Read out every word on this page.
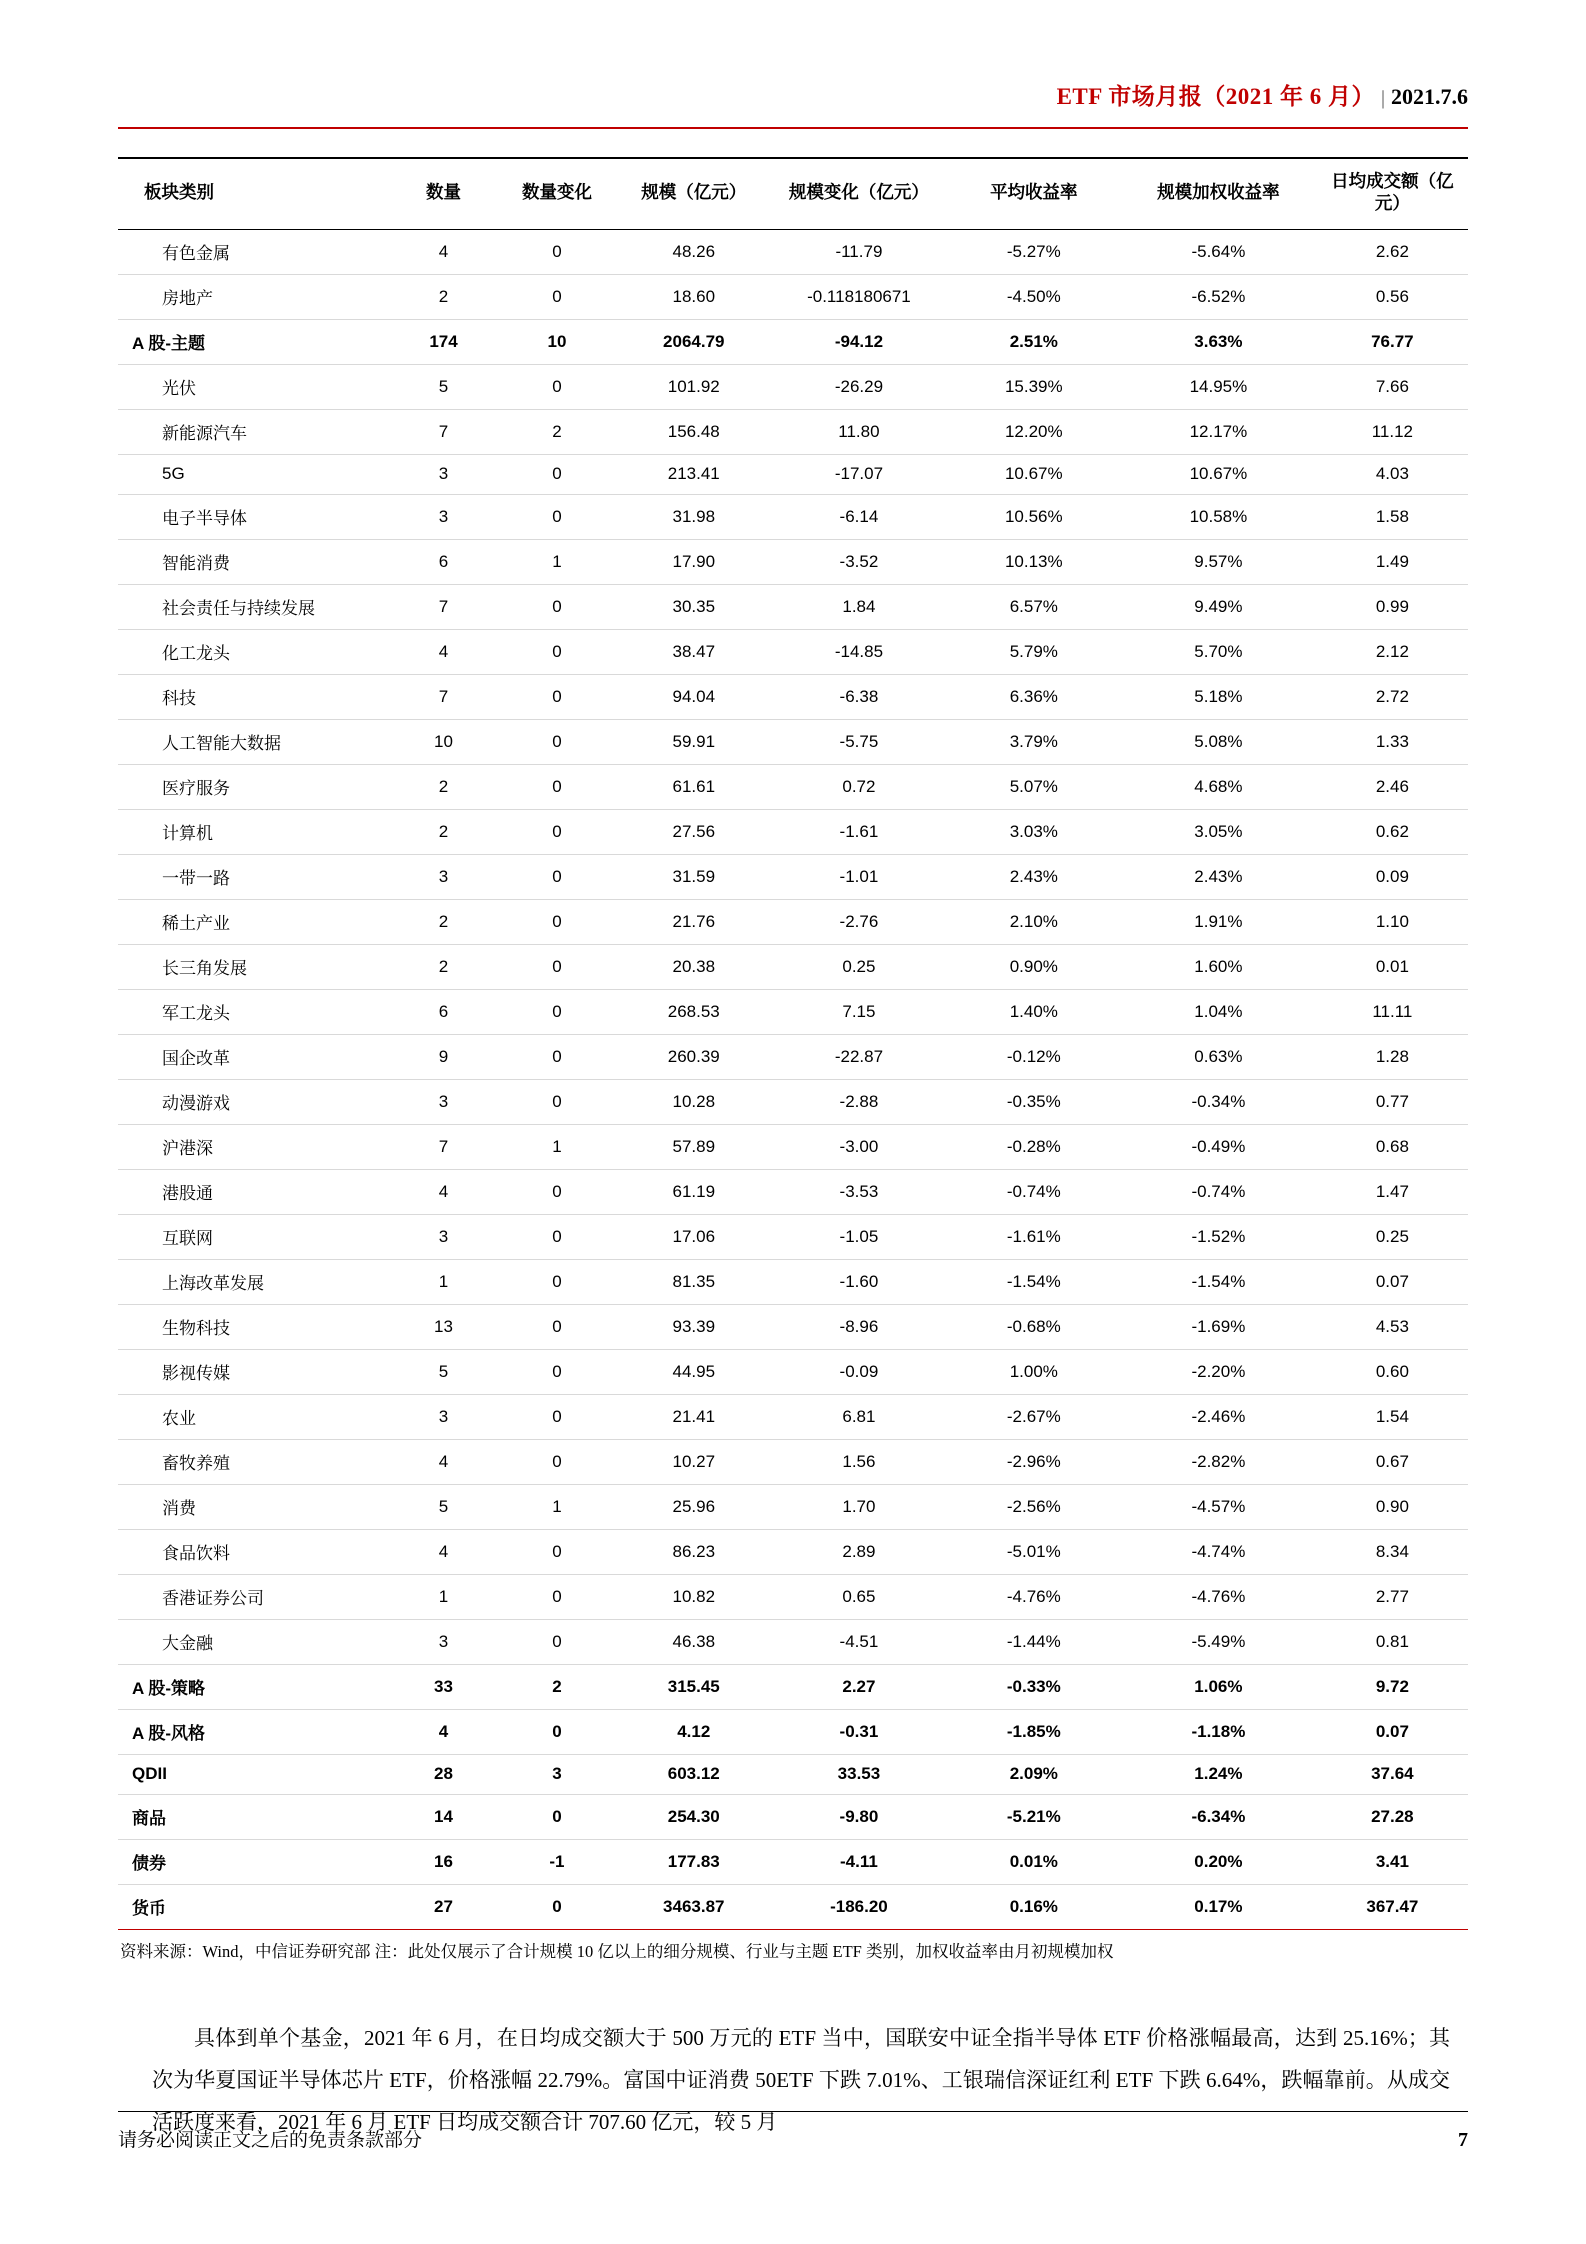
ETF 市场月报（2021 年 6 月） | 2021.7.6
板块类别	数量	数量变化	规模（亿元）	规模变化（亿元）	平均收益率	规模加权收益率	日均成交额（亿元）
有色金属	4	0	48.26	-11.79	-5.27%	-5.64%	2.62
房地产	2	0	18.60	-0.118180671	-4.50%	-6.52%	0.56
A 股-主题	174	10	2064.79	-94.12	2.51%	3.63%	76.77
光伏	5	0	101.92	-26.29	15.39%	14.95%	7.66
新能源汽车	7	2	156.48	11.80	12.20%	12.17%	11.12
5G	3	0	213.41	-17.07	10.67%	10.67%	4.03
电子半导体	3	0	31.98	-6.14	10.56%	10.58%	1.58
智能消费	6	1	17.90	-3.52	10.13%	9.57%	1.49
社会责任与持续发展	7	0	30.35	1.84	6.57%	9.49%	0.99
化工龙头	4	0	38.47	-14.85	5.79%	5.70%	2.12
科技	7	0	94.04	-6.38	6.36%	5.18%	2.72
人工智能大数据	10	0	59.91	-5.75	3.79%	5.08%	1.33
医疗服务	2	0	61.61	0.72	5.07%	4.68%	2.46
计算机	2	0	27.56	-1.61	3.03%	3.05%	0.62
一带一路	3	0	31.59	-1.01	2.43%	2.43%	0.09
稀土产业	2	0	21.76	-2.76	2.10%	1.91%	1.10
长三角发展	2	0	20.38	0.25	0.90%	1.60%	0.01
军工龙头	6	0	268.53	7.15	1.40%	1.04%	11.11
国企改革	9	0	260.39	-22.87	-0.12%	0.63%	1.28
动漫游戏	3	0	10.28	-2.88	-0.35%	-0.34%	0.77
沪港深	7	1	57.89	-3.00	-0.28%	-0.49%	0.68
港股通	4	0	61.19	-3.53	-0.74%	-0.74%	1.47
互联网	3	0	17.06	-1.05	-1.61%	-1.52%	0.25
上海改革发展	1	0	81.35	-1.60	-1.54%	-1.54%	0.07
生物科技	13	0	93.39	-8.96	-0.68%	-1.69%	4.53
影视传媒	5	0	44.95	-0.09	1.00%	-2.20%	0.60
农业	3	0	21.41	6.81	-2.67%	-2.46%	1.54
畜牧养殖	4	0	10.27	1.56	-2.96%	-2.82%	0.67
消费	5	1	25.96	1.70	-2.56%	-4.57%	0.90
食品饮料	4	0	86.23	2.89	-5.01%	-4.74%	8.34
香港证券公司	1	0	10.82	0.65	-4.76%	-4.76%	2.77
大金融	3	0	46.38	-4.51	-1.44%	-5.49%	0.81
A 股-策略	33	2	315.45	2.27	-0.33%	1.06%	9.72
A 股-风格	4	0	4.12	-0.31	-1.85%	-1.18%	0.07
QDII	28	3	603.12	33.53	2.09%	1.24%	37.64
商品	14	0	254.30	-9.80	-5.21%	-6.34%	27.28
债券	16	-1	177.83	-4.11	0.01%	0.20%	3.41
货币	27	0	3463.87	-186.20	0.16%	0.17%	367.47
资料来源：Wind，中信证券研究部 注：此处仅展示了合计规模 10 亿以上的细分规模、行业与主题 ETF 类别，加权收益率由月初规模加权

具体到单个基金，2021 年 6 月，在日均成交额大于 500 万元的 ETF 当中，国联安中证全指半导体 ETF 价格涨幅最高，达到 25.16%；其次为华夏国证半导体芯片 ETF，价格涨幅 22.79%。富国中证消费 50ETF 下跌 7.01%、工银瑞信深证红利 ETF 下跌 6.64%，跌幅靠前。从成交活跃度来看，2021 年 6 月 ETF 日均成交额合计 707.60 亿元，较 5 月

请务必阅读正文之后的免责条款部分	7
